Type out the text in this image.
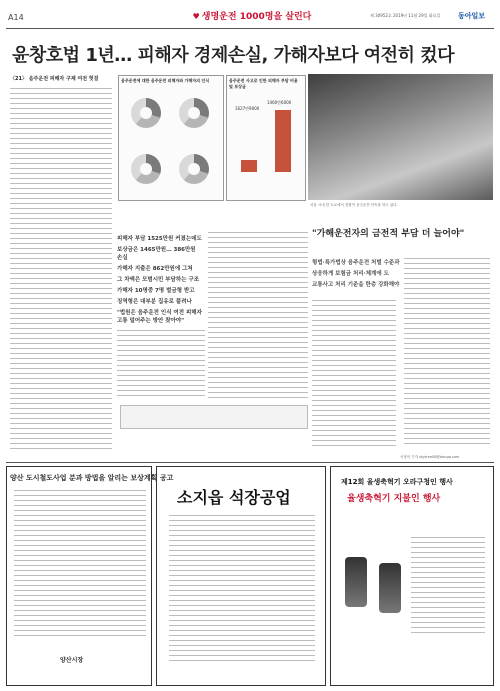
A14	♥ 생명운전 1000명을 살린다	제 30952호 2019년 11월 29일 화요일	동아일보
윤창호법 1년… 피해자 경제손실, 가해자보다 여전히 컸다
〈21〉 음주운전 피해자 구제 여전 헛걸	음주운전에 대한 음주운전 피해자와 가해자의 인식	음주운전 사고로 인한 피해자 부담 비용 및 보상금
1627만9000
1460만6000
서울 시내 한 도로에서 경찰이 음주운전 단속을 하고 있다.
피해자 부담 1525만원 커졌는데도
보상금은 1465만원… 386만원 손실
가해자 지출은 862만원에 그쳐
그 차액은 모범시민 부담하는 구조
가해자 10명중 7명 벌금형 받고
징역형은 대부분 집유로 풀려나
"법원은 음주운전 인식 여전 피해자 고통 덜어주는 방안 찾아야"
"가해운전자의 금전적 부담 더 늘어야"
형법·특가법상 음주운전 처벌 수준과
상응하게 보험금 처리·체계에 도
교통사고 처리 기준을 한층 강화해야
서형석 기자 skytree08@donga.com
양산 도시철도사업 분과 방법을 알리는 보상계획 공고
양산시장
소지읍 석장공업
제12회 율생축혁기 오라구청인 행사
율생축혁기 지불인 행사
